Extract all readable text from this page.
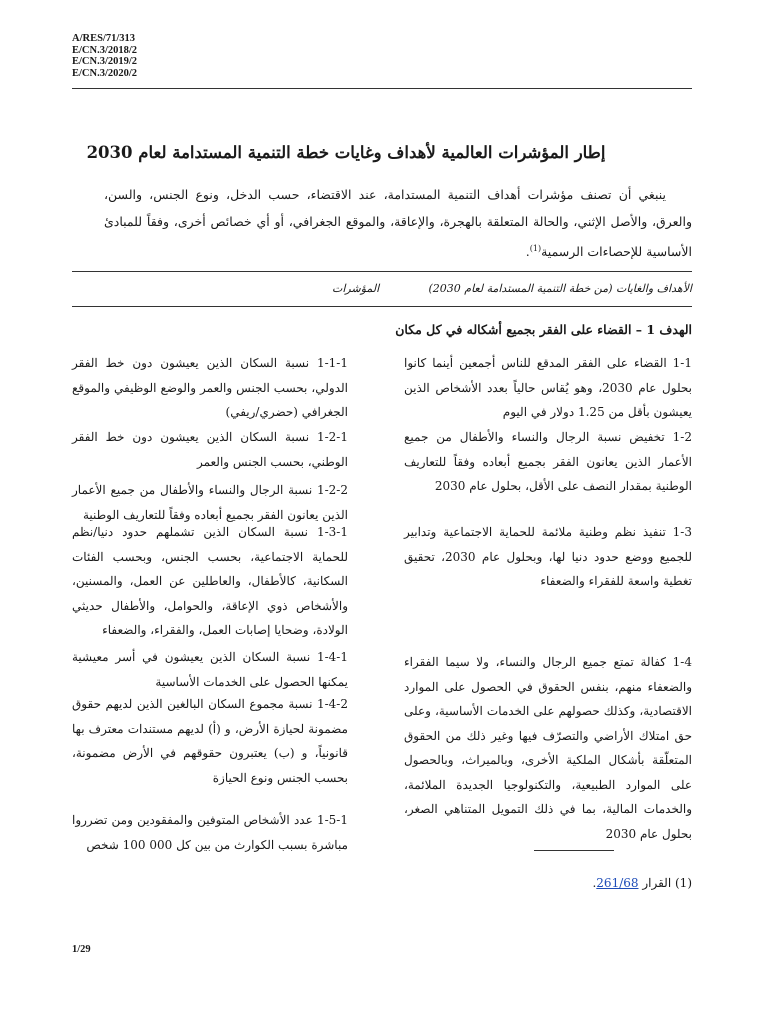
A/RES/71/313
E/CN.3/2018/2
E/CN.3/2019/2
E/CN.3/2020/2
إطار المؤشرات العالمية لأهداف وغايات خطة التنمية المستدامة لعام 2030

ينبغي أن تصنف مؤشرات أهداف التنمية المستدامة، عند الاقتضاء، حسب الدخل، ونوع الجنس، والسن، والعرق، والأصل الإثني، والحالة المتعلقة بالهجرة، والإعاقة، والموقع الجغرافي، أو أي خصائص أخرى، وفقاً للمبادئ الأساسية للإحصاءات الرسمية$^{(1)}$.

الأهداف والغايات (من خطة التنمية المستدامة لعام 2030)
المؤشرات
الهدف 1 – القضاء على الفقر بجميع أشكاله في كل مكان
1-1 القضاء على الفقر المدقع للناس أجمعين أينما كانوا بحلول عام 2030، وهو يُقاس حالياً بعدد الأشخاص الذين يعيشون بأقل من 1.25 دولار في اليوم
1-2 تخفيض نسبة الرجال والنساء والأطفال من جميع الأعمار الذين يعانون الفقر بجميع أبعاده وفقاً للتعاريف الوطنية بمقدار النصف على الأقل، بحلول عام 2030
1-3 تنفيذ نظم وطنية ملائمة للحماية الاجتماعية وتدابير للجميع ووضع حدود دنيا لها، وبحلول عام 2030، تحقيق تغطية واسعة للفقراء والضعفاء
1-4 كفالة تمتع جميع الرجال والنساء، ولا سيما الفقراء والضعفاء منهم، بنفس الحقوق في الحصول على الموارد الاقتصادية، وكذلك حصولهم على الخدمات الأساسية، وعلى حق امتلاك الأراضي والتصرّف فيها وغير ذلك من الحقوق المتعلّقة بأشكال الملكية الأخرى، وبالميراث، وبالحصول على الموارد الطبيعية، والتكنولوجيا الجديدة الملائمة، والخدمات المالية، بما في ذلك التمويل المتناهي الصغر، بحلول عام 2030
1-1-1 نسبة السكان الذين يعيشون دون خط الفقر الدولي، بحسب الجنس والعمر والوضع الوظيفي والموقع الجغرافي (حضري/ريفي)
1-2-1 نسبة السكان الذين يعيشون دون خط الفقر الوطني، بحسب الجنس والعمر
1-2-2 نسبة الرجال والنساء والأطفال من جميع الأعمار الذين يعانون الفقر بجميع أبعاده وفقاً للتعاريف الوطنية
1-3-1 نسبة السكان الذين تشملهم حدود دنيا/نظم للحماية الاجتماعية، بحسب الجنس، وبحسب الفئات السكانية، كالأطفال، والعاطلين عن العمل، والمسنين، والأشخاص ذوي الإعاقة، والحوامل، والأطفال حديثي الولادة، وضحايا إصابات العمل، والفقراء، والضعفاء
1-4-1 نسبة السكان الذين يعيشون في أسر معيشية يمكنها الحصول على الخدمات الأساسية
1-4-2 نسبة مجموع السكان البالغين الذين لديهم حقوق مضمونة لحيازة الأرض، و (أ) لديهم مستندات معترف بها قانونياً، و (ب) يعتبرون حقوقهم في الأرض مضمونة، بحسب الجنس ونوع الحيازة
1-5-1 عدد الأشخاص المتوفين والمفقودين ومن تضرروا مباشرة بسبب الكوارث من بين كل 000 100 شخص
(1) القرار 261/68.
1/29
